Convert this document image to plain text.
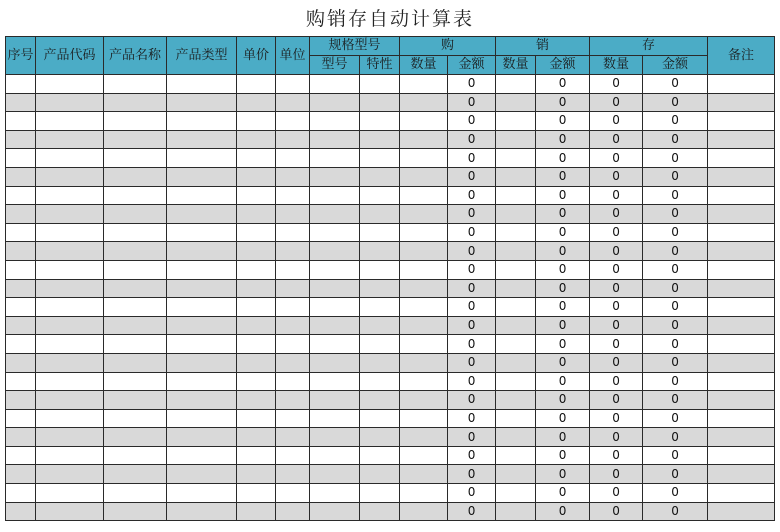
购销存自动计算表
序号	产品代码	产品名称	产品类型	单价	单位	规格型号		购		销		存		备注
						型号	特性	数量	金额	数量	金额	数量	金额	
									0		0	0	0	
									0		0	0	0	
									0		0	0	0	
									0		0	0	0	
									0		0	0	0	
									0		0	0	0	
									0		0	0	0	
									0		0	0	0	
									0		0	0	0	
									0		0	0	0	
									0		0	0	0	
									0		0	0	0	
									0		0	0	0	
									0		0	0	0	
									0		0	0	0	
									0		0	0	0	
									0		0	0	0	
									0		0	0	0	
									0		0	0	0	
									0		0	0	0	
									0		0	0	0	
									0		0	0	0	
									0		0	0	0	
									0		0	0	0	
